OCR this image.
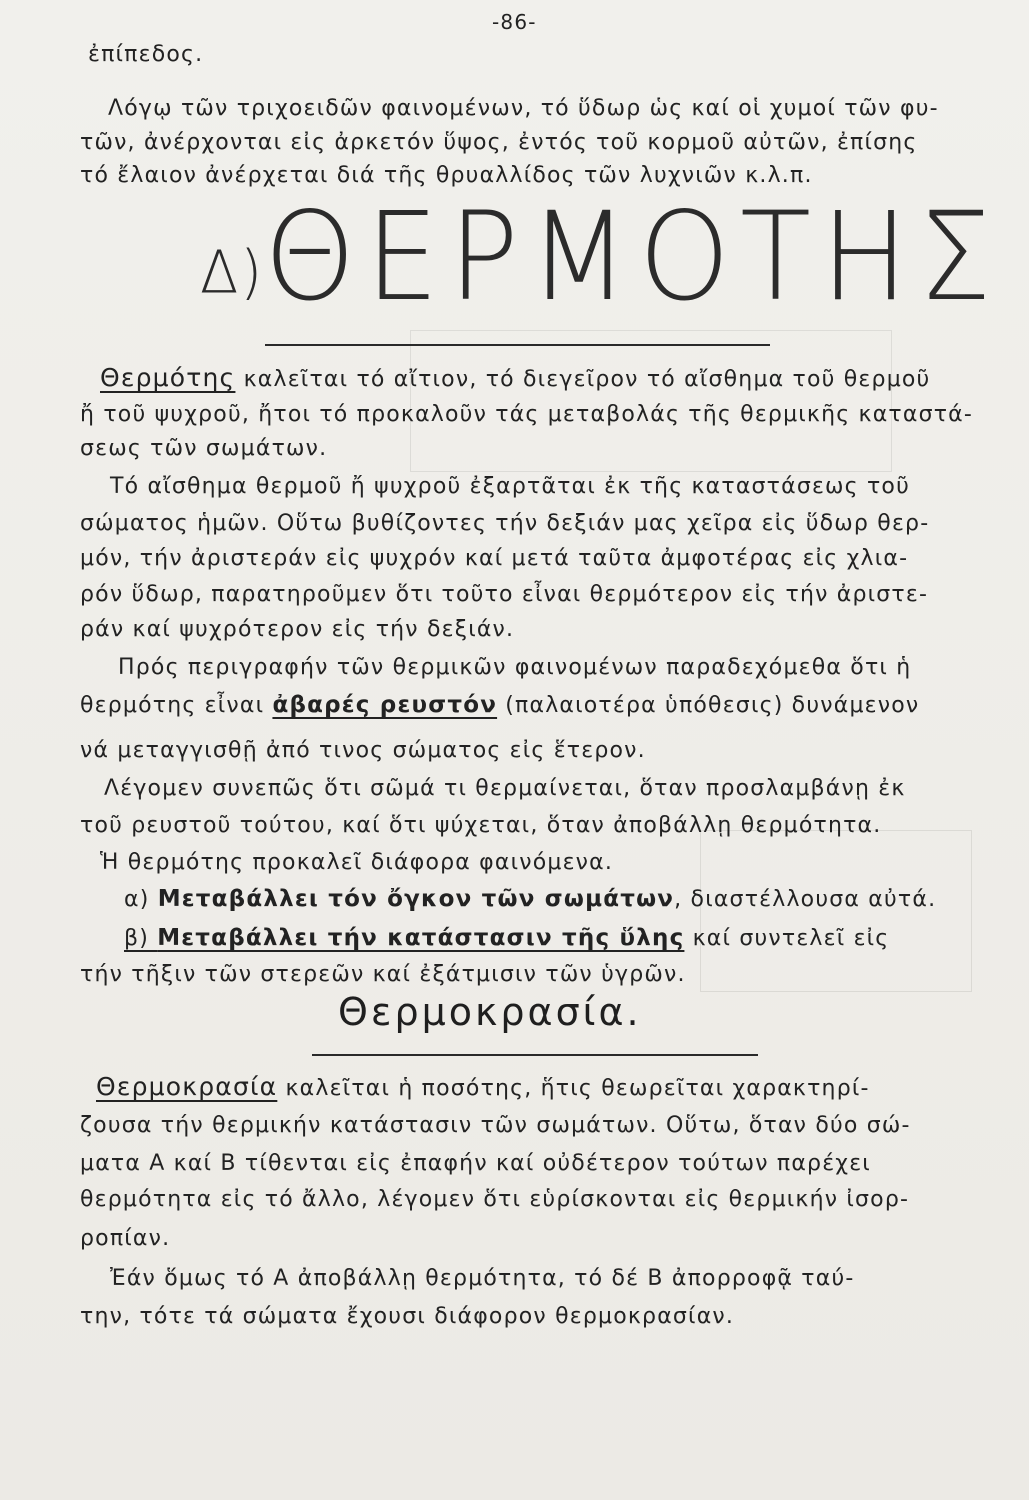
-86-
ἐπίπεδος.
Λόγῳ τῶν τριχοειδῶν φαινομένων, τό ὕδωρ ὡς καί οἱ χυμοί τῶν φυ-
τῶν, ἀνέρχονται εἰς ἀρκετόν ὕψος, ἐντός τοῦ κορμοῦ αὐτῶν, ἐπίσης
τό ἔλαιον ἀνέρχεται διά τῆς θρυαλλίδος τῶν λυχνιῶν κ.λ.π.
Δ)ΘΕΡΜΟΤΗΣ
Θερμότης καλεῖται τό αἴτιον, τό διεγεῖρον τό αἴσθημα τοῦ θερμοῦ
ἤ τοῦ ψυχροῦ, ἤτοι τό προκαλοῦν τάς μεταβολάς τῆς θερμικῆς καταστά-
σεως τῶν σωμάτων.
Τό αἴσθημα θερμοῦ ἤ ψυχροῦ ἐξαρτᾶται ἐκ τῆς καταστάσεως τοῦ
σώματος ἡμῶν. Οὕτω βυθίζοντες τήν δεξιάν μας χεῖρα εἰς ὕδωρ θερ-
μόν, τήν ἀριστεράν εἰς ψυχρόν καί μετά ταῦτα ἀμφοτέρας εἰς χλια-
ρόν ὕδωρ, παρατηροῦμεν ὅτι τοῦτο εἶναι θερμότερον εἰς τήν ἀριστε-
ράν καί ψυχρότερον εἰς τήν δεξιάν.
Πρός περιγραφήν τῶν θερμικῶν φαινομένων παραδεχόμεθα ὅτι ἡ
θερμότης εἶναι ἀβαρές ρευστόν (παλαιοτέρα ὑπόθεσις) δυνάμενον
νά μεταγγισθῇ ἀπό τινος σώματος εἰς ἕτερον.
Λέγομεν συνεπῶς ὅτι σῶμά τι θερμαίνεται, ὅταν προσλαμβάνῃ ἐκ
τοῦ ρευστοῦ τούτου, καί ὅτι ψύχεται, ὅταν ἀποβάλλῃ θερμότητα.
Ἡ θερμότης προκαλεῖ διάφορα φαινόμενα.
α) Μεταβάλλει τόν ὄγκον τῶν σωμάτων, διαστέλλουσα αὐτά.
β) Μεταβάλλει τήν κατάστασιν τῆς ὕλης καί συντελεῖ εἰς
τήν τῆξιν τῶν στερεῶν καί ἐξάτμισιν τῶν ὑγρῶν.
Θερμοκρασία.
Θερμοκρασία καλεῖται ἡ ποσότης, ἥτις θεωρεῖται χαρακτηρί-
ζουσα τήν θερμικήν κατάστασιν τῶν σωμάτων. Οὕτω, ὅταν δύο σώ-
ματα Α καί Β τίθενται εἰς ἐπαφήν καί οὐδέτερον τούτων παρέχει
θερμότητα εἰς τό ἄλλο, λέγομεν ὅτι εὑρίσκονται εἰς θερμικήν ἰσορ-
ροπίαν.
Ἐάν ὅμως τό Α ἀποβάλλῃ θερμότητα, τό δέ Β ἀπορροφᾷ ταύ-
την, τότε τά σώματα ἔχουσι διάφορον θερμοκρασίαν.
